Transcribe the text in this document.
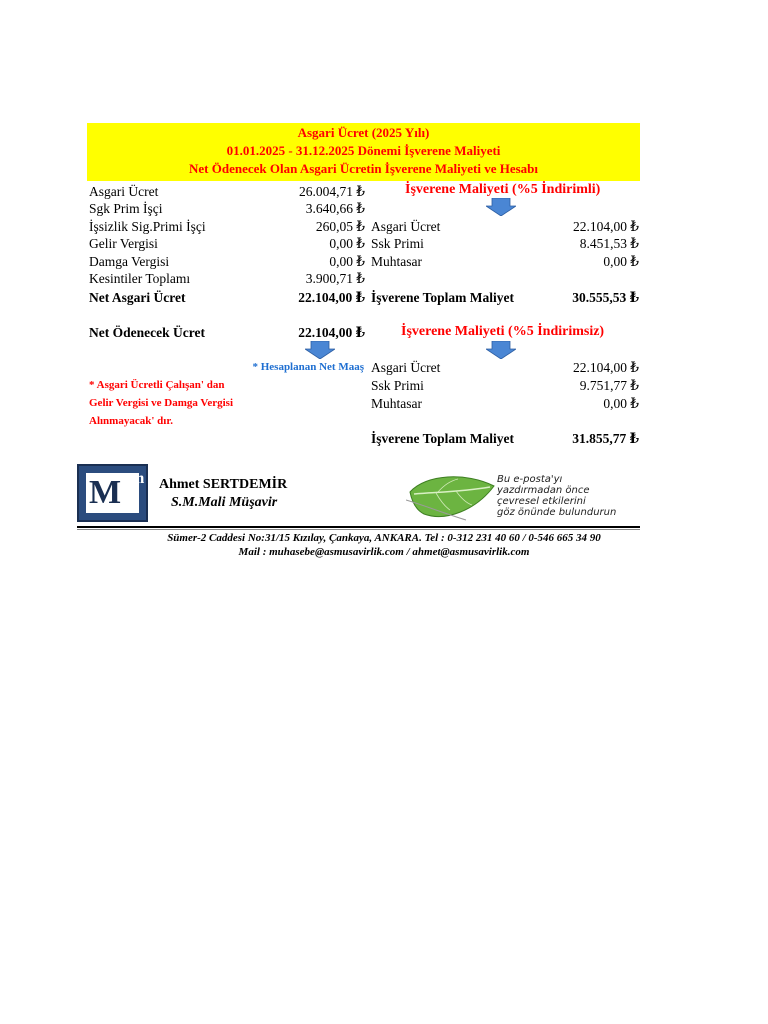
Asgari Ücret (2025 Yılı)
01.01.2025 - 31.12.2025 Dönemi İşverene Maliyeti
Net Ödenecek Olan Asgari Ücretin İşverene Maliyeti ve Hesabı
Asgari Ücret	26.004,71 ₺
Sgk Prim İşçi	3.640,66 ₺
İşsizlik Sig.Primi İşçi	260,05 ₺
Gelir Vergisi	0,00 ₺
Damga Vergisi	0,00 ₺
Kesintiler Toplamı	3.900,71 ₺
Net Asgari Ücret	22.104,00 ₺
Net Ödenecek Ücret	22.104,00 ₺
* Hesaplanan Net Maaş
* Asgari Ücretli Çalışan' dan
Gelir Vergisi ve Damga Vergisi
Alınmayacak' dır.
İşverene Maliyeti (%5 İndirimli)
Asgari Ücret	22.104,00 ₺
Ssk Primi	8.451,53 ₺
Muhtasar	0,00 ₺
İşverene Toplam Maliyet	30.555,53 ₺
İşverene Maliyeti (%5 İndirimsiz)
Asgari Ücret	22.104,00 ₺
Ssk Primi	9.751,77 ₺
Muhtasar	0,00 ₺
İşverene Toplam Maliyet	31.855,77 ₺
M m Ahmet SERTDEMİR
S.M.Mali Müşavir
Bu e-posta'yı
yazdırmadan önce
çevresel etkilerini
göz önünde bulundurun
Sümer-2 Caddesi No:31/15 Kızılay, Çankaya, ANKARA. Tel : 0-312 231 40 60 / 0-546 665 34 90
Mail : muhasebe@asmusavirlik.com / ahmet@asmusavirlik.com
